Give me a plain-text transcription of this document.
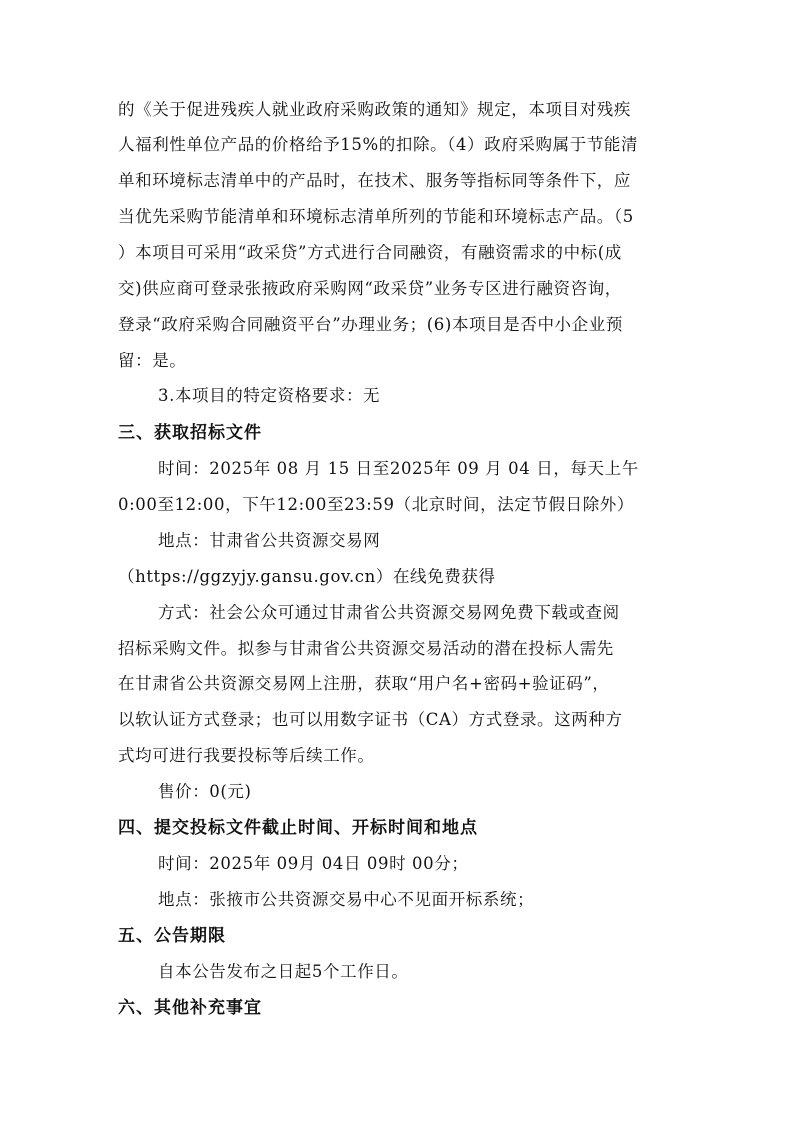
的《关于促进残疾人就业政府采购政策的通知》规定，本项目对残疾
人福利性单位产品的价格给予15%的扣除。（4）政府采购属于节能清
单和环境标志清单中的产品时，在技术、服务等指标同等条件下，应
当优先采购节能清单和环境标志清单所列的节能和环境标志产品。（5
）本项目可采用“政采贷”方式进行合同融资，有融资需求的中标(成
交)供应商可登录张掖政府采购网“政采贷”业务专区进行融资咨询，
登录“政府采购合同融资平台”办理业务；(6)本项目是否中小企业预
留：是。
3.本项目的特定资格要求：无
三、获取招标文件
时间：2025年 08 月 15 日至2025年 09 月 04 日，每天上午
0:00至12:00，下午12:00至23:59（北京时间，法定节假日除外）
地点：甘肃省公共资源交易网
（https://ggzyjy.gansu.gov.cn）在线免费获得
方式：社会公众可通过甘肃省公共资源交易网免费下载或查阅
招标采购文件。拟参与甘肃省公共资源交易活动的潜在投标人需先
在甘肃省公共资源交易网上注册，获取“用户名+密码+验证码”，
以软认证方式登录；也可以用数字证书（CA）方式登录。这两种方
式均可进行我要投标等后续工作。
售价：0(元)
四、提交投标文件截止时间、开标时间和地点
时间：2025年 09月 04日 09时 00分；
地点：张掖市公共资源交易中心不见面开标系统；
五、公告期限
自本公告发布之日起5个工作日。
六、其他补充事宜
